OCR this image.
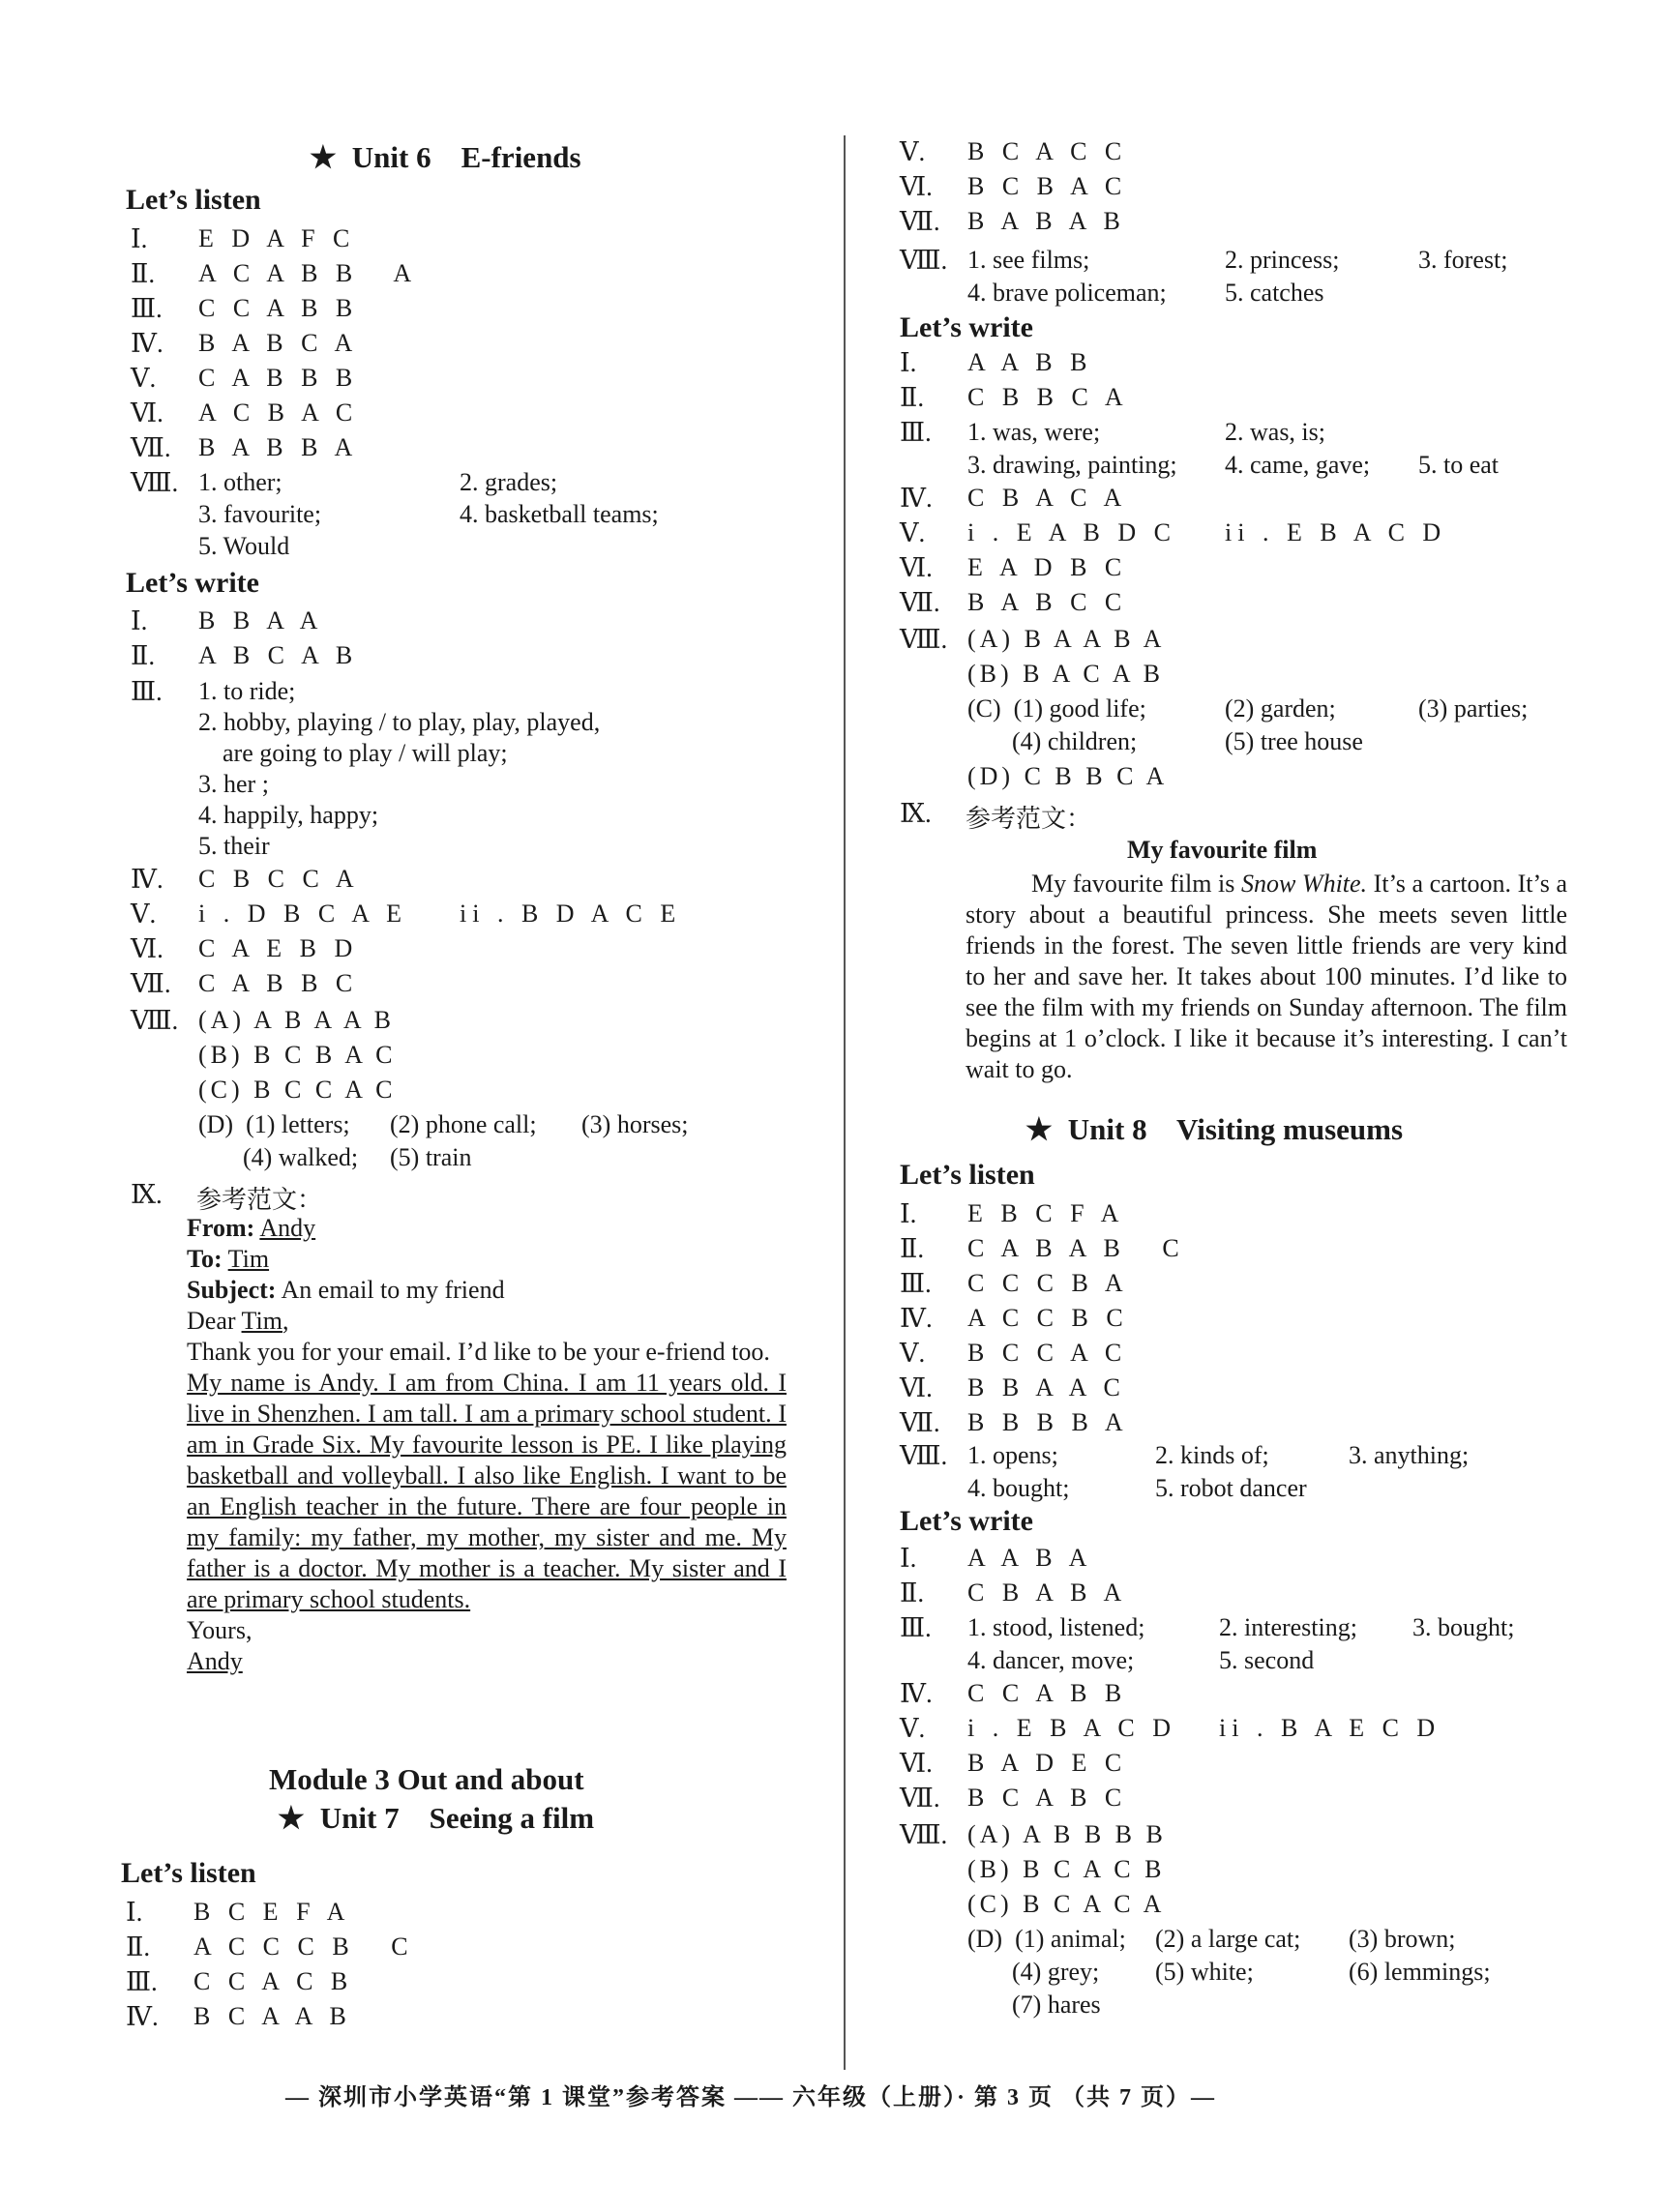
★ Unit 6    E-friends
Let’s listen
Ⅰ. E D A F C
Ⅱ. A C A B B   A
Ⅲ. C C A B B
Ⅳ. B A B C A
Ⅴ. C A B B B
Ⅵ. A C B A C
Ⅶ. B A B B A
Ⅷ. 1. other;	2. grades;
3. favourite;	4. basketball teams;
5. Would
Let’s write
Ⅰ. B B A A
Ⅱ. A B C A B
Ⅲ. 1. to ride;
2. hobby, playing / to play, play, played,
are going to play / will play;
3. her ;
4. happily, happy;
5. their
Ⅳ. C B C C A
Ⅴ. i . D B C A E ii . B D A C E
Ⅵ. C A E B D
Ⅶ. C A B B C
Ⅷ. (A) A B A A B
(B) B C B A C
(C) B C C A C
(D)  (1) letters; (2) phone call; (3) horses;
(4) walked; (5) train
Ⅸ. 参考范文：

From: Andy

To: Tim

Subject: An email to my friend

Dear Tim,

Thank you for your email. I’d like to be your e-friend too.

My name is Andy. I am from China. I am 11 years old. I live in Shenzhen. I am tall. I am a primary school student. I am in Grade Six. My favourite lesson is PE. I like playing basketball and volleyball. I also like English. I want to be an English teacher in the future. There are four people in my family: my father, my mother, my sister and me. My father is a doctor. My mother is a teacher. My sister and I are primary school students.

Yours,

Andy

Module 3 Out and about
★ Unit 7    Seeing a film
Let’s listen
Ⅰ. B C E F A
Ⅱ. A C C C B   C
Ⅲ. C C A C B
Ⅳ. B C A A B
Ⅴ. B C A C C
Ⅵ. B C B A C
Ⅶ. B A B A B
Ⅷ. 1. see films;	2. princess;	3. forest;
4. brave policeman; 5. catches
Let’s write
Ⅰ. A A B B
Ⅱ. C B B C A
Ⅲ. 1. was, were;	2. was, is;
3. drawing, painting; 4. came, gave; 5. to eat
Ⅳ. C B A C A
Ⅴ. i . E A B D C ii . E B A C D
Ⅵ. E A D B C
Ⅶ. B A B C C
Ⅷ. (A) B A A B A
(B) B A C A B
(C)  (1) good life;	(2) garden;	(3) parties;
(4) children;	(5) tree house
(D) C B B C A
Ⅸ. 参考范文：
My favourite film
My favourite film is Snow White. It’s a cartoon. It’s a story about a beautiful princess. She meets seven little friends in the forest. The seven little friends are very kind to her and save her. It takes about 100 minutes. I’d like to see the film with my friends on Sunday afternoon. The film begins at 1 o’clock. I like it because it’s interesting. I can’t wait to go.
★ Unit 8    Visiting museums
Let’s listen
Ⅰ. E B C F A
Ⅱ. C A B A B   C
Ⅲ. C C C B A
Ⅳ. A C C B C
Ⅴ. B C C A C
Ⅵ. B B A A C
Ⅶ. B B B B A
Ⅷ. 1. opens;	2. kinds of;	3. anything;
4. bought;	5. robot dancer
Let’s write
Ⅰ. A A B A
Ⅱ. C B A B A
Ⅲ. 1. stood, listened;	2. interesting; 3. bought;
4. dancer, move;	5. second
Ⅳ. C C A B B
Ⅴ. i . E B A C D ii . B A E C D
Ⅵ. B A D E C
Ⅶ. B C A B C
Ⅷ. (A) A B B B B
(B) B C A C B
(C) B C A C A
(D)  (1) animal; (2) a large cat; (3) brown;
(4) grey; (5) white;	(6) lemmings;
(7) hares
— 深圳市小学英语“第 1 课堂”参考答案 —— 六年级（上册）· 第 3 页 （共 7 页）—
